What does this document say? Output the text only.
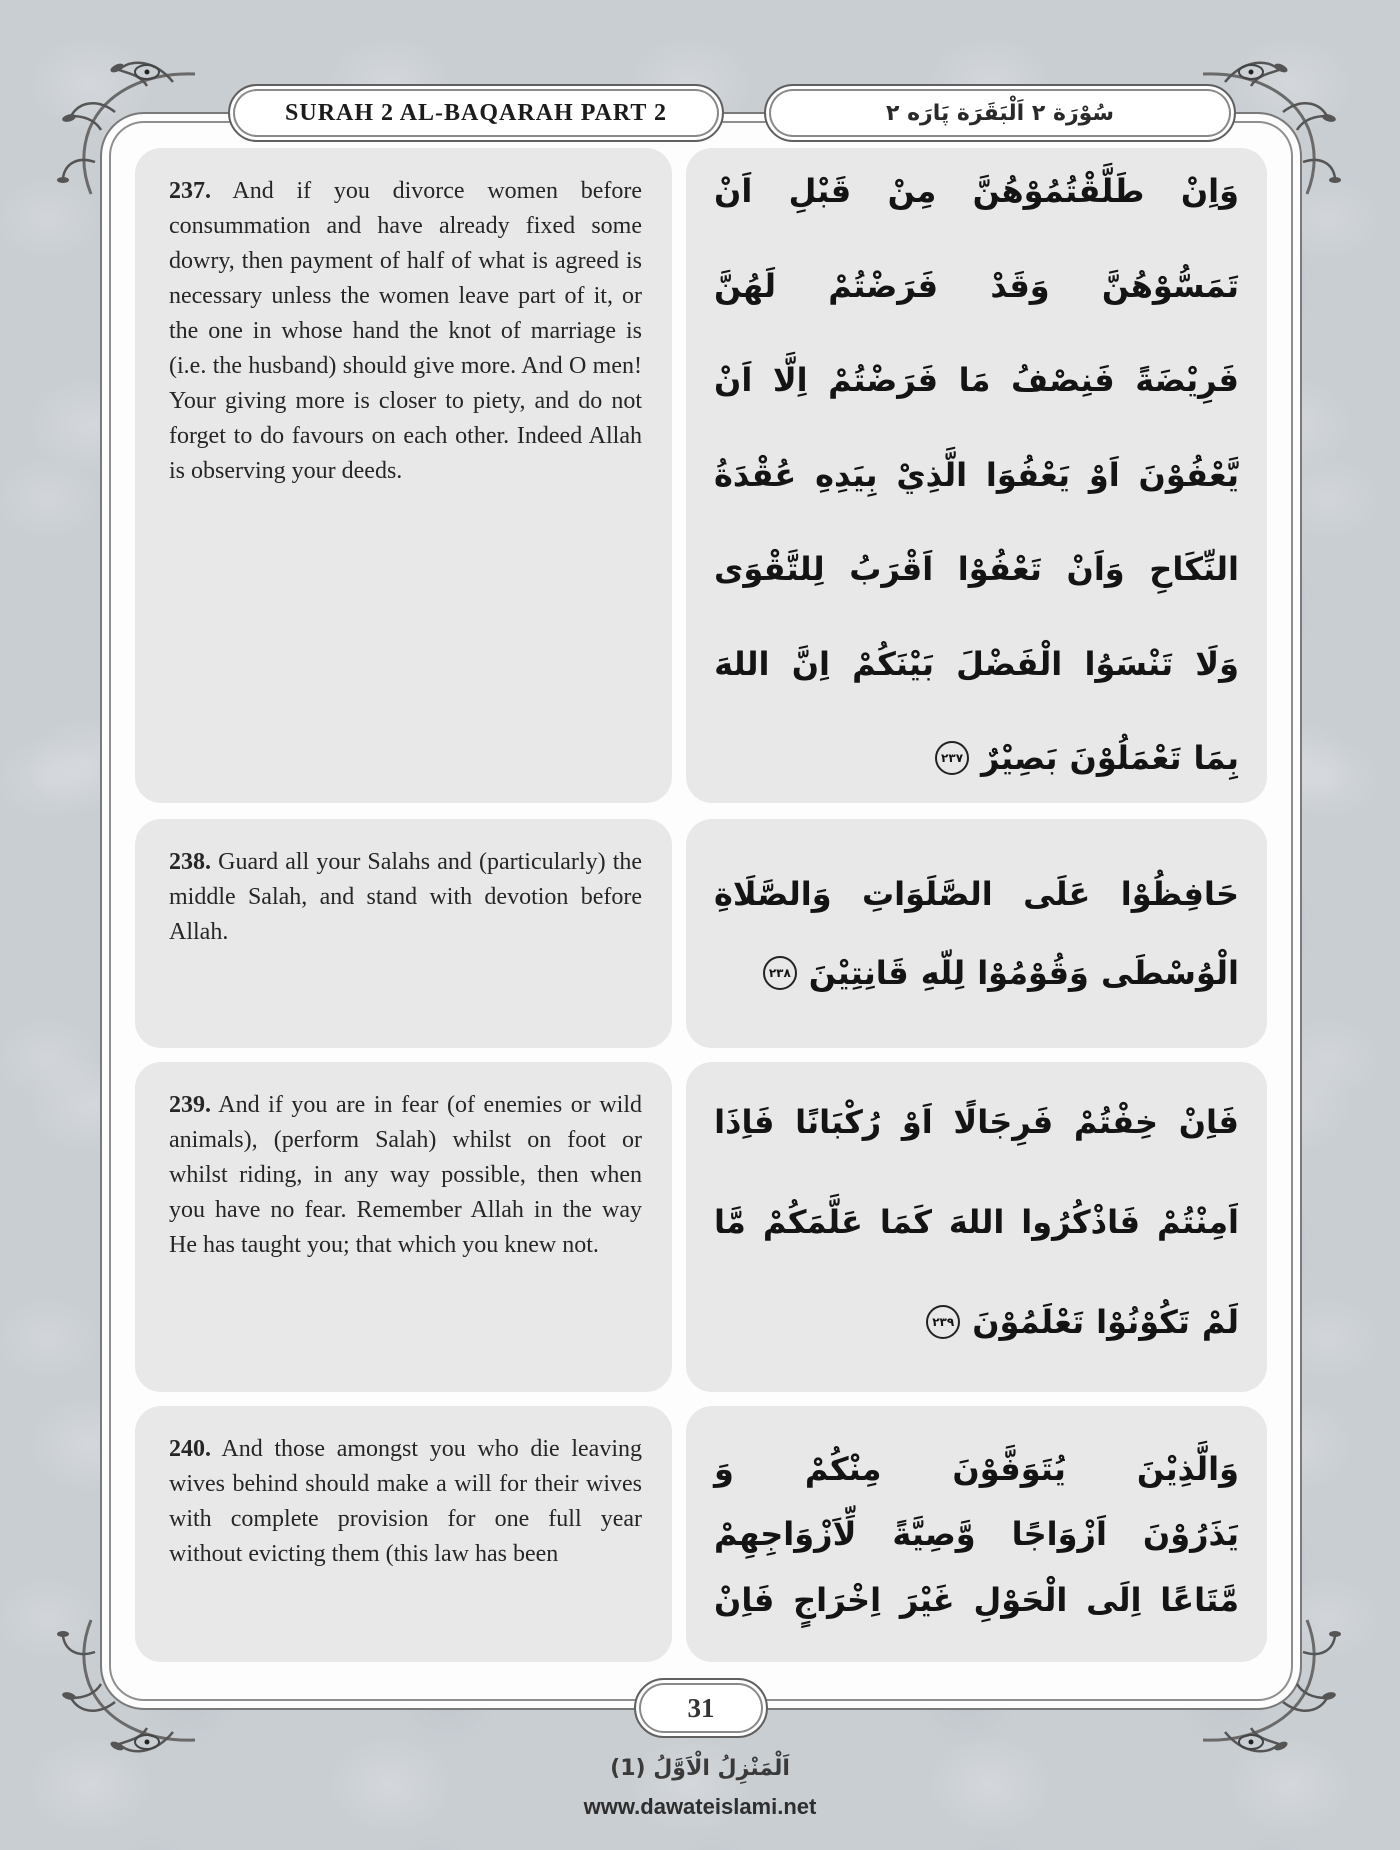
SURAH 2 AL-BAQARAH PART 2	سُوْرَة ٢ اَلْبَقَرَة پَارَه ٢

237. And if you divorce women before consummation and have already fixed some dowry, then payment of half of what is agreed is necessary unless the women leave part of it, or the one in whose hand the knot of marriage is (i.e. the husband) should give more. And O men! Your giving more is closer to piety, and do not forget to do favours on each other. Indeed Allah is observing your deeds.

وَاِنْ
طَلَّقْتُمُوْهُنَّ
مِنْ
قَبْلِ
اَنْ
تَمَسُّوْهُنَّ
وَقَدْ
فَرَضْتُمْ
لَهُنَّ
فَرِيْضَةً
فَنِصْفُ
مَا
فَرَضْتُمْ
اِلَّا
اَنْ
يَّعْفُوْنَ
اَوْ
يَعْفُوَا
الَّذِيْ
بِيَدِهِ
عُقْدَةُ
النِّكَاحِ
وَاَنْ
تَعْفُوْا
اَقْرَبُ
لِلتَّقْوَى
وَلَا
تَنْسَوُا
الْفَضْلَ
بَيْنَكُمْ
اِنَّ
اللهَ
بِمَا
تَعْمَلُوْنَ
بَصِيْرٌ
٢٣٧

238. Guard all your Salahs and (particularly) the middle Salah, and stand with devotion before Allah.

حَافِظُوْا
عَلَى
الصَّلَوَاتِ
وَالصَّلَاةِ
الْوُسْطَى
وَقُوْمُوْا
لِلّهِ
قَانِتِيْنَ
٢٣٨

239. And if you are in fear (of enemies or wild animals), (perform Salah) whilst on foot or whilst riding, in any way possible, then when you have no fear. Remember Allah in the way He has taught you; that which you knew not.

فَاِنْ
خِفْتُمْ
فَرِجَالًا
اَوْ
رُكْبَانًا
فَاِذَا
اَمِنْتُمْ
فَاذْكُرُوا
اللهَ
كَمَا
عَلَّمَكُمْ
مَّا
لَمْ
تَكُوْنُوْا
تَعْلَمُوْنَ
٢٣٩

240. And those amongst you who die leaving wives behind should make a will for their wives with complete provision for one full year without evicting them (this law has been

وَالَّذِيْنَ
يُتَوَفَّوْنَ
مِنْكُمْ
وَ
يَذَرُوْنَ
اَزْوَاجًا
وَّصِيَّةً
لِّاَزْوَاجِهِمْ
مَّتَاعًا
اِلَى
الْحَوْلِ
غَيْرَ
اِخْرَاجٍ
فَاِنْ
31
اَلْمَنْزِلُ الْاَوَّلُ (1)
www.dawateislami.net
